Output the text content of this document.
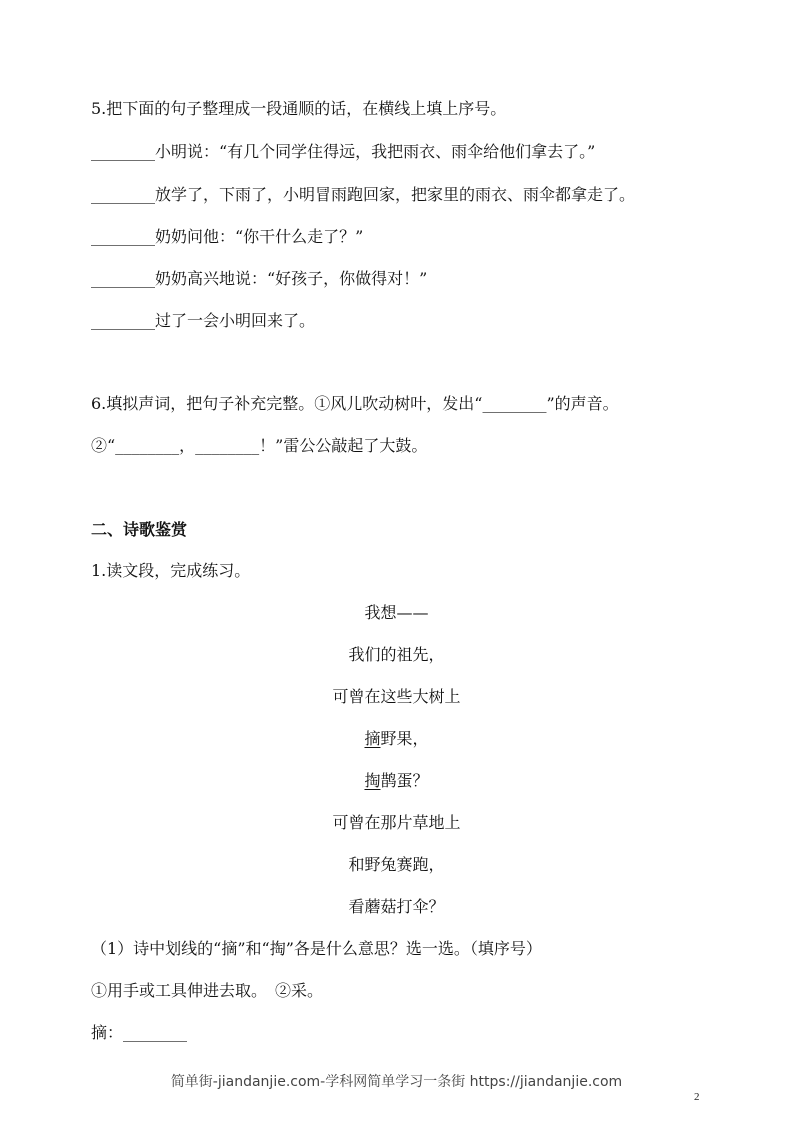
5.把下面的句子整理成一段通顺的话，在横线上填上序号。
________小明说：“有几个同学住得远，我把雨衣、雨伞给他们拿去了。”
________放学了，下雨了，小明冒雨跑回家，把家里的雨衣、雨伞都拿走了。
________奶奶问他：“你干什么走了？”
________奶奶高兴地说：“好孩子，你做得对！”
________过了一会小明回来了。
6.填拟声词，把句子补充完整。①风儿吹动树叶，发出“________”的声音。
②“________，________！”雷公公敲起了大鼓。
二、诗歌鉴赏
1.读文段，完成练习。
我想——
我们的祖先，
可曾在这些大树上
摘野果，
掏鹊蛋？
可曾在那片草地上
和野兔赛跑，
看蘑菇打伞？
（1）诗中划线的“摘”和“掏”各是什么意思？选一选。（填序号）
①用手或工具伸进去取。　②采。
摘：________
简单街-jiandanjie.com-学科网简单学习一条街 https://jiandanjie.com
2
